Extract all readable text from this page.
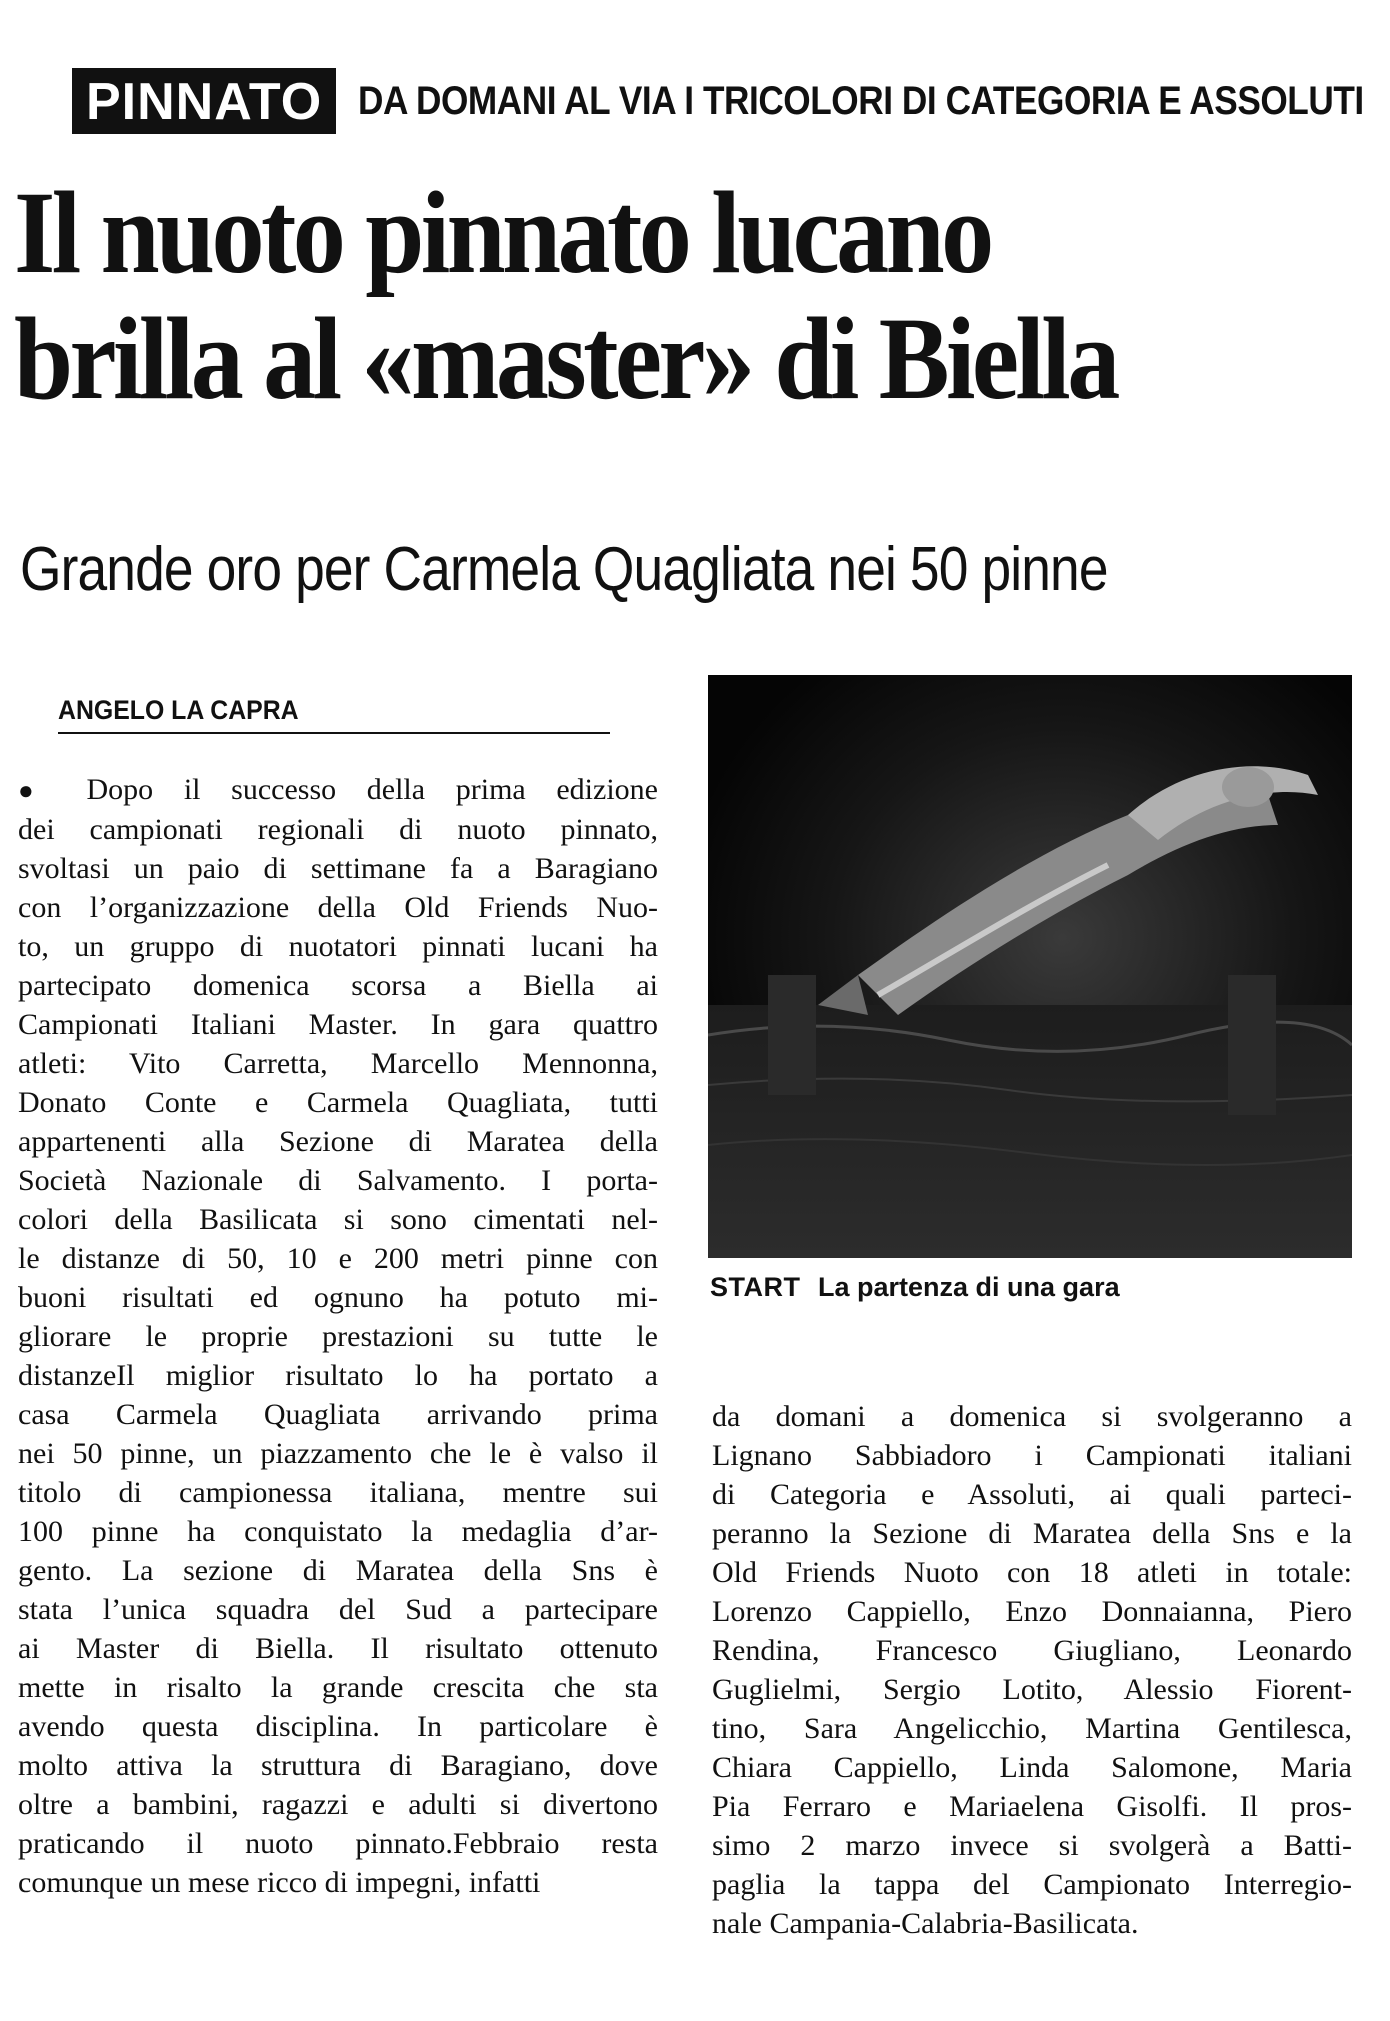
PINNATO DA DOMANI AL VIA I TRICOLORI DI CATEGORIA E ASSOLUTI
Il nuoto pinnato lucano
brilla al «master» di Biella
Grande oro per Carmela Quagliata nei 50 pinne
ANGELO LA CAPRA
● Dopo il successo della prima edizione
dei campionati regionali di nuoto pinnato,
svoltasi un paio di settimane fa a Baragiano
con l’organizzazione della Old Friends Nuo-
to, un gruppo di nuotatori pinnati lucani ha
partecipato domenica scorsa a Biella ai
Campionati Italiani Master. In gara quattro
atleti: Vito Carretta, Marcello Mennonna,
Donato Conte e Carmela Quagliata, tutti
appartenenti alla Sezione di Maratea della
Società Nazionale di Salvamento. I porta-
colori della Basilicata si sono cimentati nel-
le distanze di 50, 10 e 200 metri pinne con
buoni risultati ed ognuno ha potuto mi-
gliorare le proprie prestazioni su tutte le
distanzeIl miglior risultato lo ha portato a
casa Carmela Quagliata arrivando prima
nei 50 pinne, un piazzamento che le è valso il
titolo di campionessa italiana, mentre sui
100 pinne ha conquistato la medaglia d’ar-
gento. La sezione di Maratea della Sns è
stata l’unica squadra del Sud a partecipare
ai Master di Biella. Il risultato ottenuto
mette in risalto la grande crescita che sta
avendo questa disciplina. In particolare è
molto attiva la struttura di Baragiano, dove
oltre a bambini, ragazzi e adulti si divertono
praticando il nuoto pinnato.Febbraio resta
comunque un mese ricco di impegni, infatti
START La partenza di una gara
da domani a domenica si svolgeranno a
Lignano Sabbiadoro i Campionati italiani
di Categoria e Assoluti, ai quali parteci-
peranno la Sezione di Maratea della Sns e la
Old Friends Nuoto con 18 atleti in totale:
Lorenzo Cappiello, Enzo Donnaianna, Piero
Rendina, Francesco Giugliano, Leonardo
Guglielmi, Sergio Lotito, Alessio Fiorent-
tino, Sara Angelicchio, Martina Gentilesca,
Chiara Cappiello, Linda Salomone, Maria
Pia Ferraro e Mariaelena Gisolfi. Il pros-
simo 2 marzo invece si svolgerà a Batti-
paglia la tappa del Campionato Interregio-
nale Campania-Calabria-Basilicata.
